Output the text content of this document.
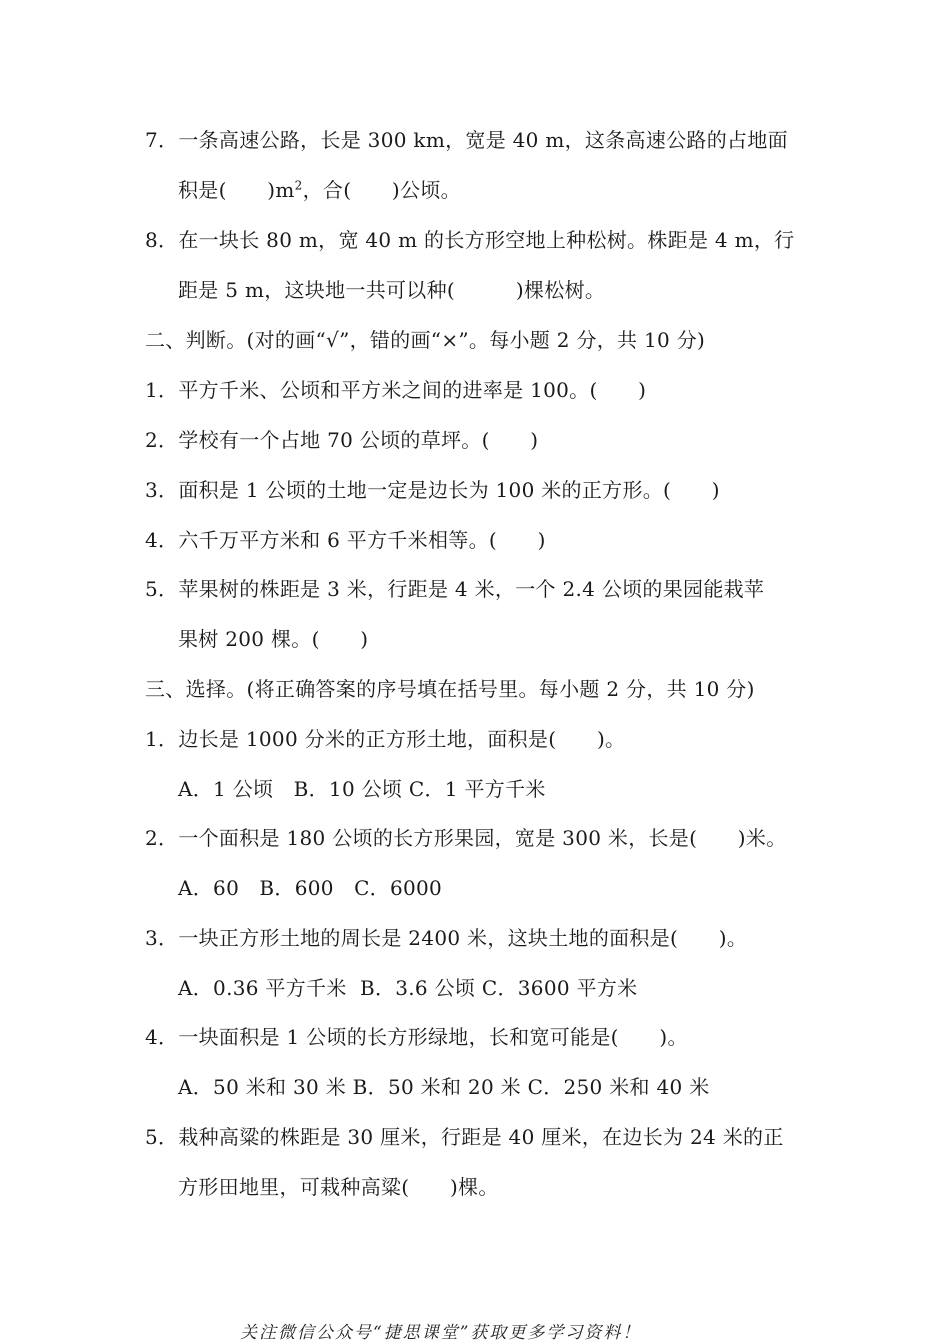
7．一条高速公路，长是 300 km，宽是 40 m，这条高速公路的占地面
积是(　　)$m^2$，合(　　)公顷。
8．在一块长 80 m，宽 40 m 的长方形空地上种松树。株距是 4 m，行
距是 5 m，这块地一共可以种(　　　)棵松树。
二、判断。(对的画“√”，错的画“×”。每小题 2 分，共 10 分)
1．平方千米、公顷和平方米之间的进率是 100。(　　)
2．学校有一个占地 70 公顷的草坪。(　　)
3．面积是 1 公顷的土地一定是边长为 100 米的正方形。(　　)
4．六千万平方米和 6 平方千米相等。(　　)
5．苹果树的株距是 3 米，行距是 4 米，一个 2.4 公顷的果园能栽苹
果树 200 棵。(　　)
三、选择。(将正确答案的序号填在括号里。每小题 2 分，共 10 分)
1．边长是 1000 分米的正方形土地，面积是(　　)。
A．1 公顷　B．10 公顷 C．1 平方千米
2．一个面积是 180 公顷的长方形果园，宽是 300 米，长是(　　)米。
A．60　B．600　C．6000
3．一块正方形土地的周长是 2400 米，这块土地的面积是(　　)。
A．0.36 平方千米  B．3.6 公顷 C．3600 平方米
4．一块面积是 1 公顷的长方形绿地，长和宽可能是(　　)。
A．50 米和 30 米 B．50 米和 20 米 C．250 米和 40 米
5．栽种高粱的株距是 30 厘米，行距是 40 厘米，在边长为 24 米的正
方形田地里，可栽种高粱(　　)棵。
关注微信公众号“捷思课堂”获取更多学习资料！
